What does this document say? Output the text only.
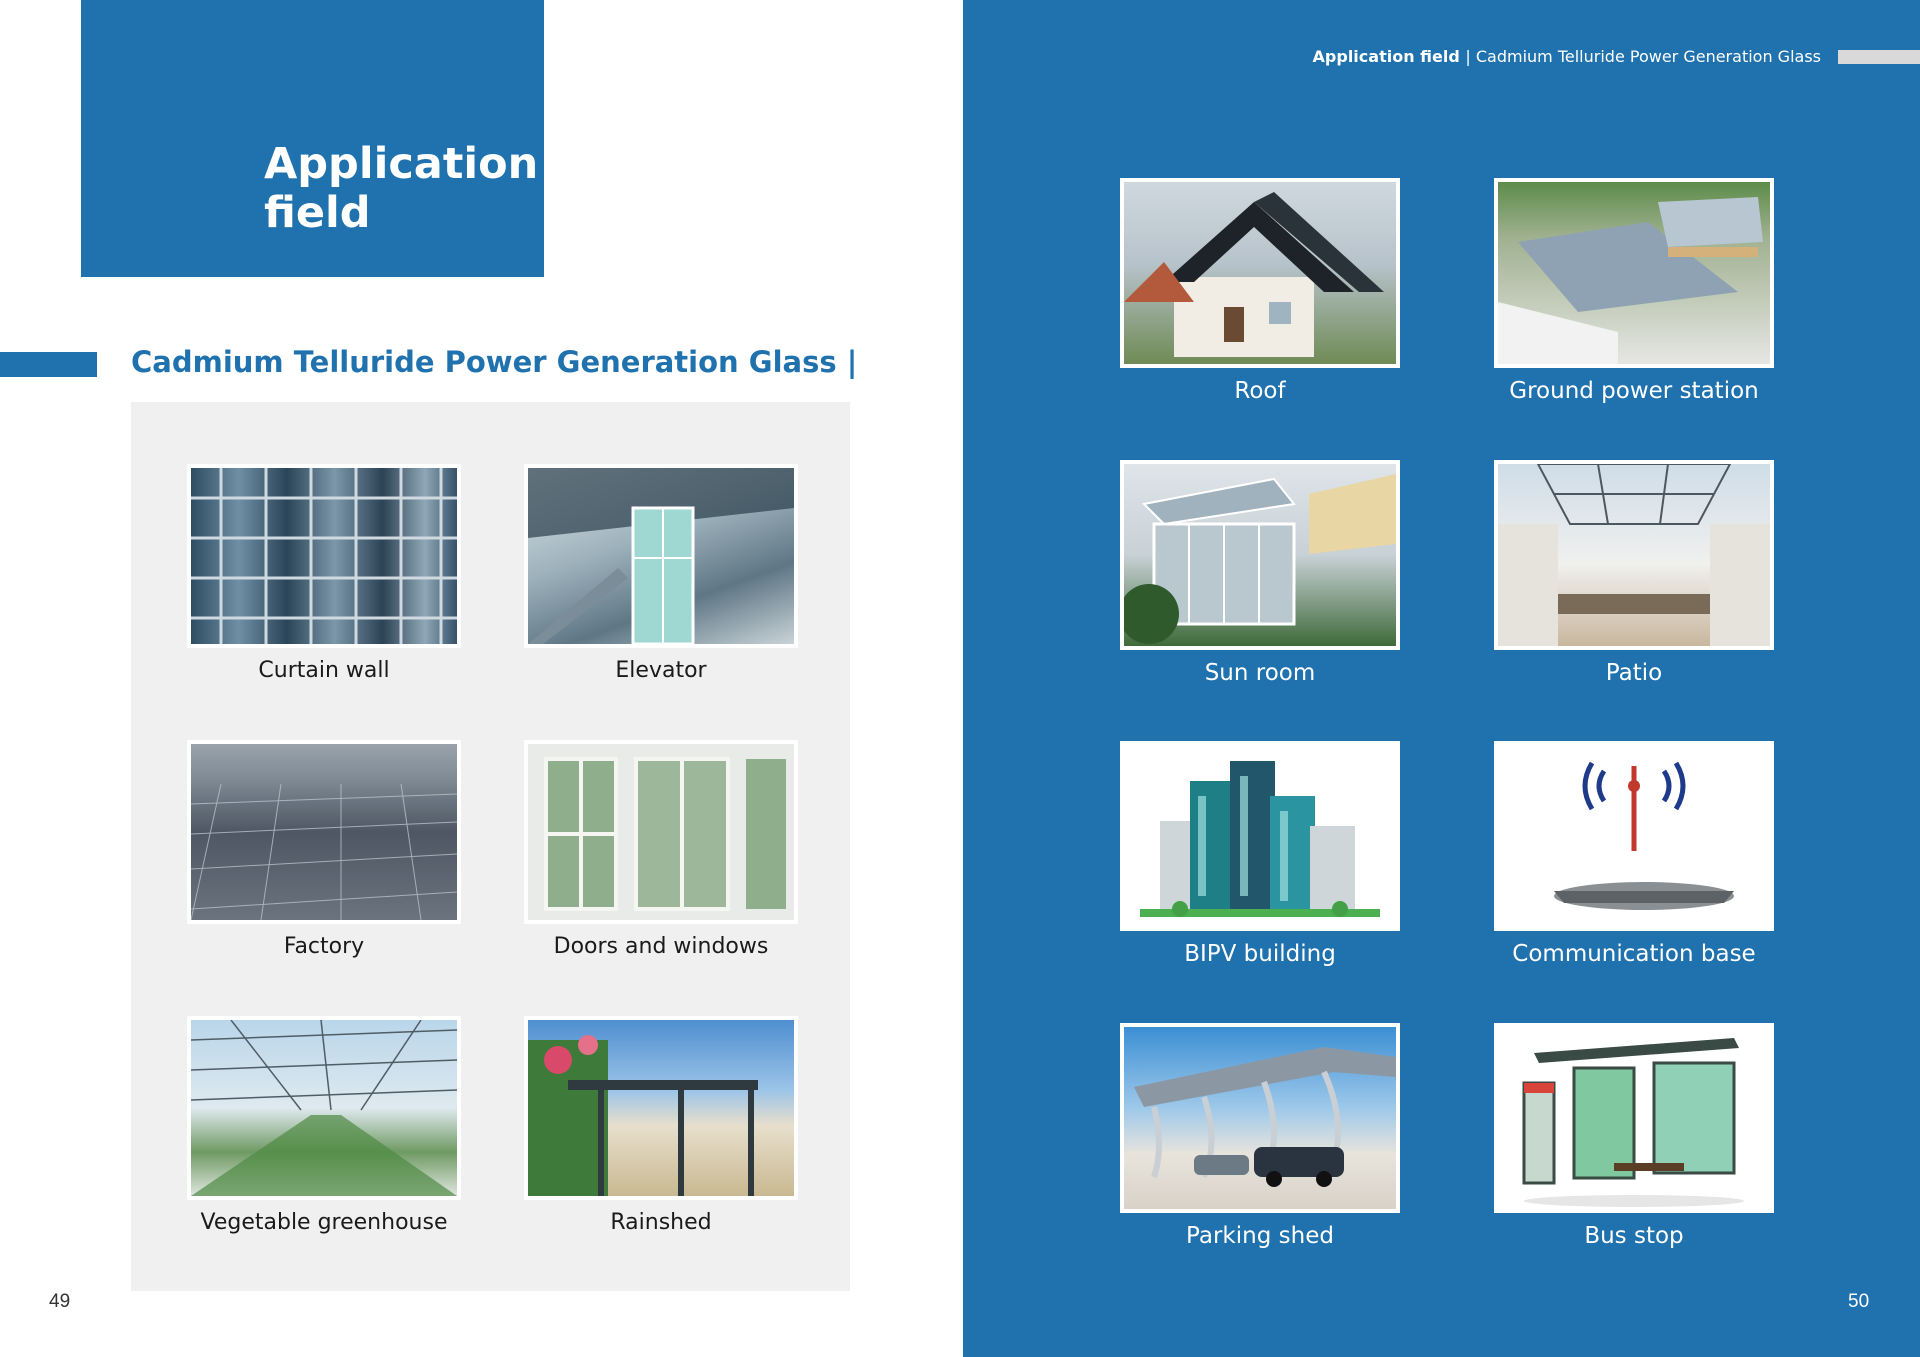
Application
field
Cadmium Telluride Power Generation Glass |
Curtain wall	Elevator
Factory	Doors and windows
Vegetable greenhouse	Rainshed
49
Application field | Cadmium Telluride Power Generation Glass
Roof	Ground power station
Sun room	Patio
BIPV building	Communication base
Parking shed	Bus stop
50
